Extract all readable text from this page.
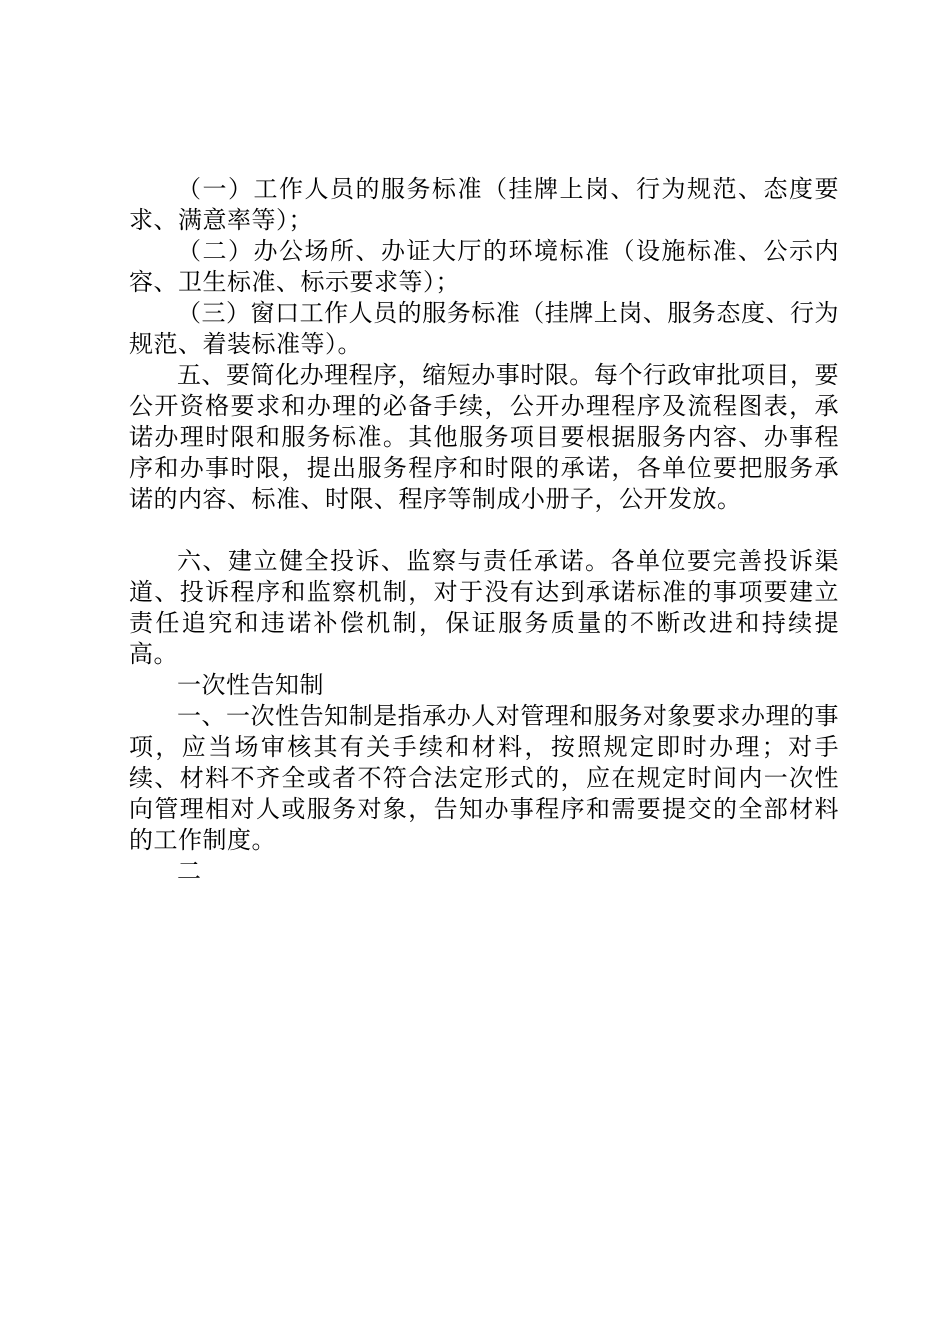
（一）工作人员的服务标准（挂牌上岗、行为规范、态度要求、满意率等）；

（二）办公场所、办证大厅的环境标准（设施标准、公示内容、卫生标准、标示要求等）；

（三）窗口工作人员的服务标准（挂牌上岗、服务态度、行为规范、着装标准等）。

五、要简化办理程序，缩短办事时限。每个行政审批项目，要公开资格要求和办理的必备手续，公开办理程序及流程图表，承诺办理时限和服务标准。其他服务项目要根据服务内容、办事程序和办事时限，提出服务程序和时限的承诺，各单位要把服务承诺的内容、标准、时限、程序等制成小册子，公开发放。

六、建立健全投诉、监察与责任承诺。各单位要完善投诉渠道、投诉程序和监察机制，对于没有达到承诺标准的事项要建立责任追究和违诺补偿机制，保证服务质量的不断改进和持续提高。

一次性告知制

一、一次性告知制是指承办人对管理和服务对象要求办理的事项，应当场审核其有关手续和材料，按照规定即时办理；对手续、材料不齐全或者不符合法定形式的，应在规定时间内一次性向管理相对人或服务对象，告知办事程序和需要提交的全部材料的工作制度。

二
